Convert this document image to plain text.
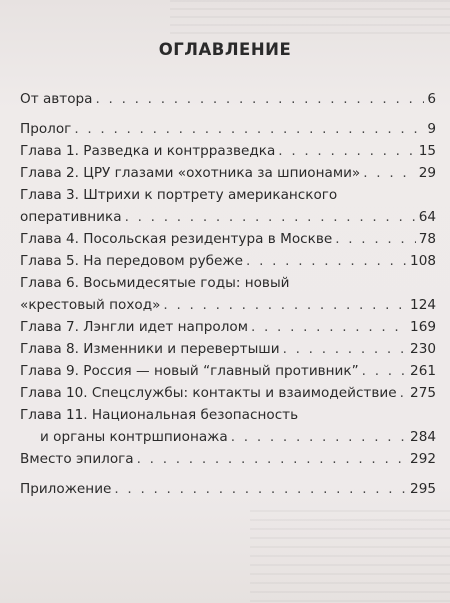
ОГЛАВЛЕНИЕ
От автора . . .	6
Пролог . . .	9
Глава 1. Разведка и контрразведка . . .	15
Глава 2. ЦРУ глазами «охотника за шпионами» . . .	29
Глава 3. Штрихи к портрету американского
оперативника . . .	64
Глава 4. Посольская резидентура в Москве . . .	78
Глава 5. На передовом рубеже . . .	108
Глава 6. Восьмидесятые годы: новый
«крестовый поход» . . .	124
Глава 7. Лэнгли идет напролом . . .	169
Глава 8. Изменники и перевертыши . . .	230
Глава 9. Россия — новый “главный противник” . . .	261
Глава 10. Спецслужбы: контакты и взаимодействие . . . 275
Глава 11. Национальная безопасность
и органы контршпионажа . . .	284
Вместо эпилога . . .	292
Приложение . . .	295
